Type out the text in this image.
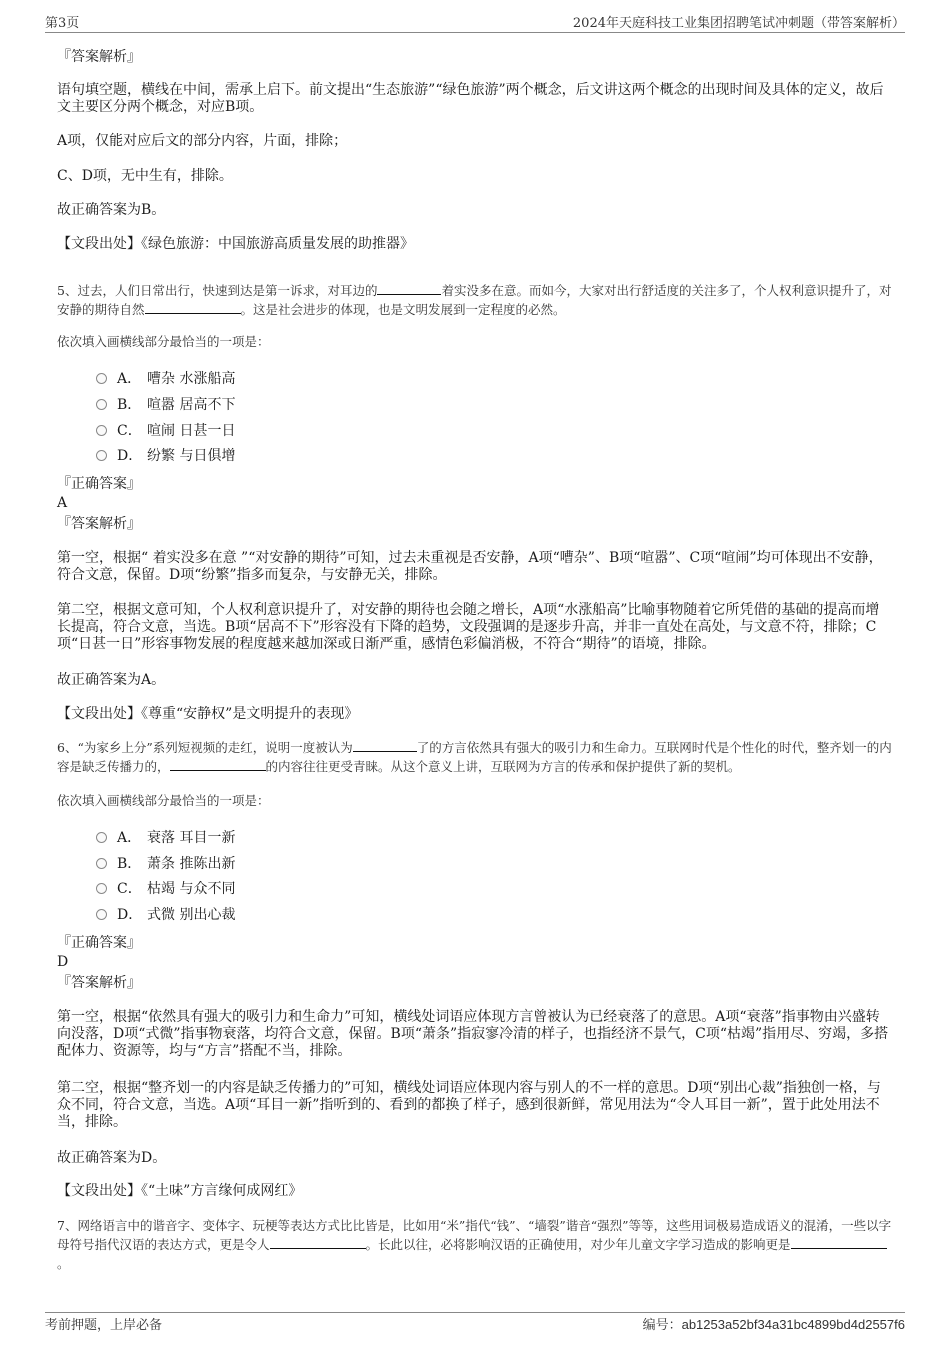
第3页	2024年天庭科技工业集团招聘笔试冲刺题（带答案解析）
『答案解析』
语句填空题，横线在中间，需承上启下。前文提出“生态旅游”“绿色旅游”两个概念，后文讲这两个概念的出现时间及具体的定义，故后文主要区分两个概念，对应B项。
A项，仅能对应后文的部分内容，片面，排除；
C、D项，无中生有，排除。
故正确答案为B。
【文段出处】《绿色旅游：中国旅游高质量发展的助推器》
5、过去，人们日常出行，快速到达是第一诉求，对耳边的	着实没多在意。而如今，大家对出行舒适度的关注多了，个人权利意识提升了，对安静的期待自然	。这是社会进步的体现，也是文明发展到一定程度的必然。
依次填入画横线部分最恰当的一项是：
A． 嘈杂 水涨船高
B． 喧嚣 居高不下
C． 喧闹 日甚一日
D． 纷繁 与日俱增
『正确答案』
A
『答案解析』
第一空，根据“ 着实没多在意 ”“对安静的期待”可知，过去未重视是否安静，A项“嘈杂”、B项“喧嚣”、C项“喧闹”均可体现出不安静，符合文意，保留。D项“纷繁”指多而复杂，与安静无关，排除。
第二空，根据文意可知，个人权利意识提升了，对安静的期待也会随之增长，A项“水涨船高”比喻事物随着它所凭借的基础的提高而增长提高，符合文意，当选。B项“居高不下”形容没有下降的趋势，文段强调的是逐步升高，并非一直处在高处，与文意不符，排除；C项“日甚一日”形容事物发展的程度越来越加深或日渐严重，感情色彩偏消极，不符合“期待”的语境，排除。
故正确答案为A。
【文段出处】《尊重“安静权”是文明提升的表现》
6、“为家乡上分”系列短视频的走红，说明一度被认为	了的方言依然具有强大的吸引力和生命力。互联网时代是个性化的时代，整齐划一的内容是缺乏传播力的，	的内容往往更受青睐。从这个意义上讲，互联网为方言的传承和保护提供了新的契机。
依次填入画横线部分最恰当的一项是：
A． 衰落 耳目一新
B． 萧条 推陈出新
C． 枯竭 与众不同
D． 式微 别出心裁
『正确答案』
D
『答案解析』
第一空，根据“依然具有强大的吸引力和生命力”可知，横线处词语应体现方言曾被认为已经衰落了的意思。A项“衰落”指事物由兴盛转向没落，D项“式微”指事物衰落，均符合文意，保留。B项“萧条”指寂寥冷清的样子，也指经济不景气，C项“枯竭”指用尽、穷竭，多搭配体力、资源等，均与“方言”搭配不当，排除。
第二空，根据“整齐划一的内容是缺乏传播力的”可知，横线处词语应体现内容与别人的不一样的意思。D项“别出心裁”指独创一格，与众不同，符合文意，当选。A项“耳目一新”指听到的、看到的都换了样子，感到很新鲜，常见用法为“令人耳目一新”，置于此处用法不当，排除。
故正确答案为D。
【文段出处】《“土味”方言缘何成网红》
7、网络语言中的谐音字、变体字、玩梗等表达方式比比皆是，比如用“米”指代“钱”、“墙裂”谐音“强烈”等等，这些用词极易造成语义的混淆，一些以字母符号指代汉语的表达方式，更是令人	。长此以往，必将影响汉语的正确使用，对少年儿童文字学习造成的影响更是。
考前押题，上岸必备	编号：ab1253a52bf34a31bc4899bd4d2557f6
